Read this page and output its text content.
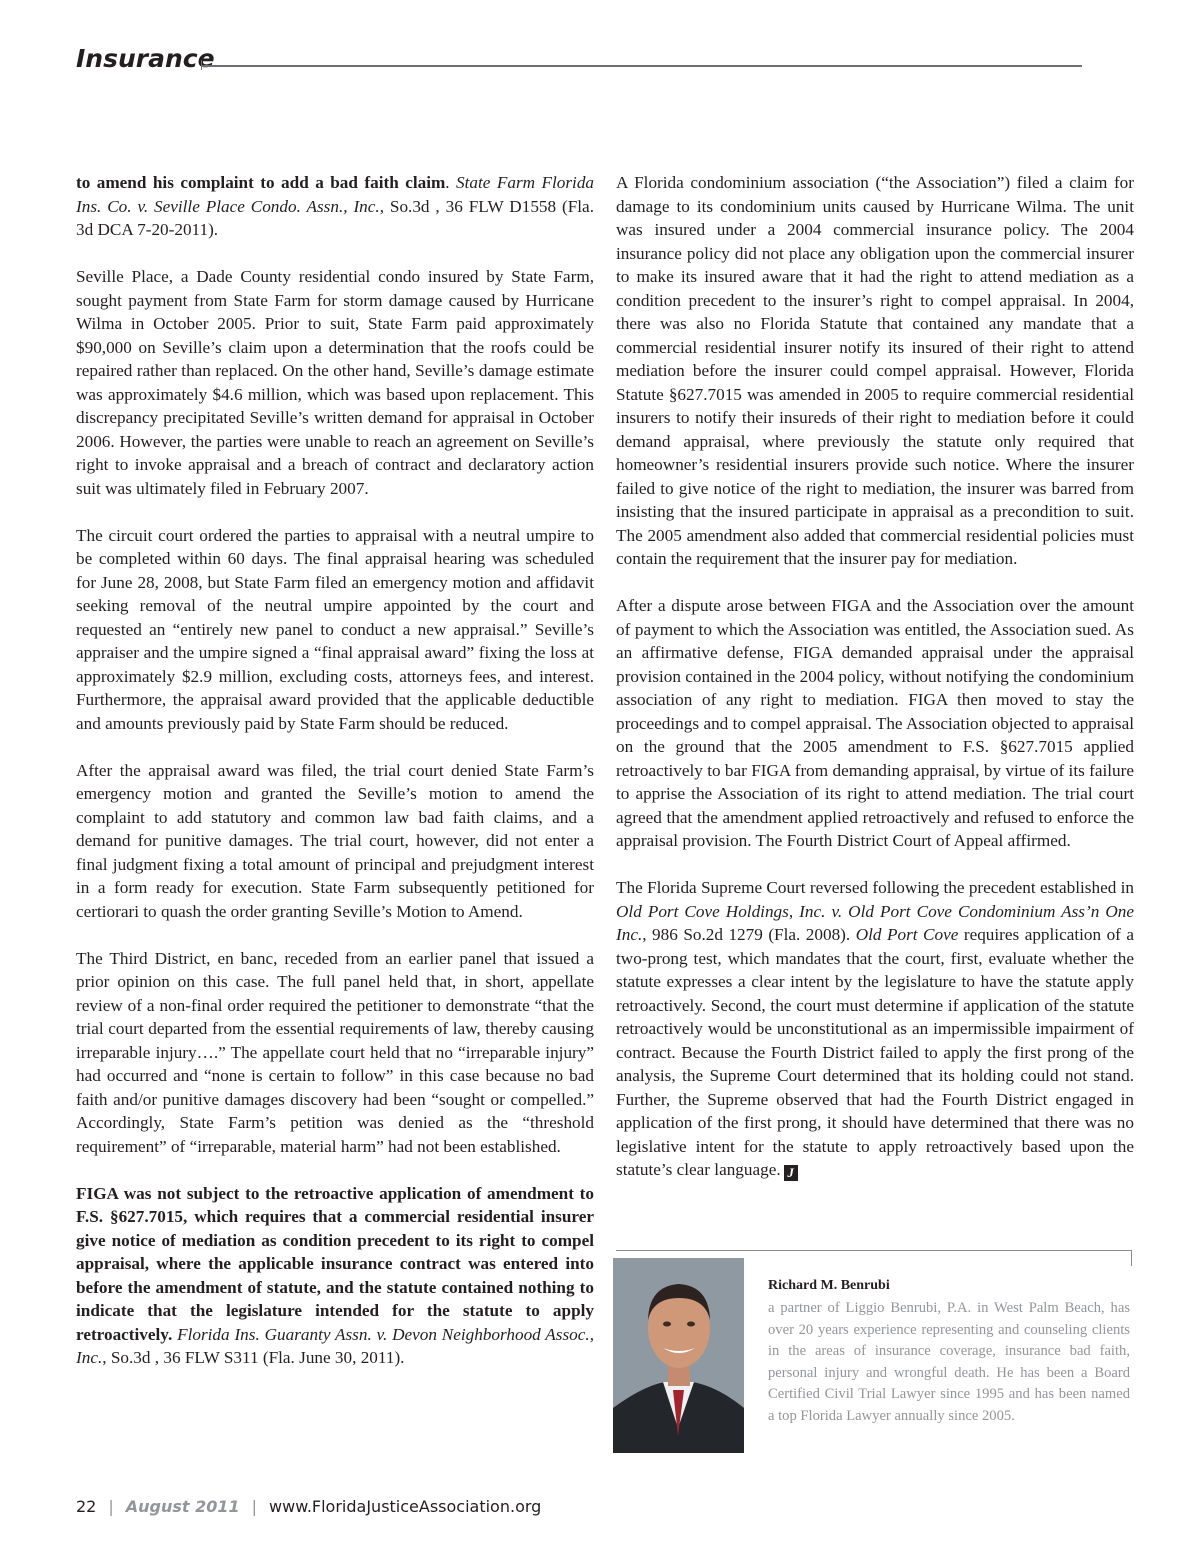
Insurance

to amend his complaint to add a bad faith claim. State Farm Florida Ins. Co. v. Seville Place Condo. Assn., Inc., So.3d , 36 FLW D1558 (Fla. 3d DCA 7-20-2011).

Seville Place, a Dade County residential condo insured by State Farm, sought payment from State Farm for storm damage caused by Hurricane Wilma in October 2005. Prior to suit, State Farm paid approximately $90,000 on Seville’s claim upon a determination that the roofs could be repaired rather than replaced. On the other hand, Seville’s damage estimate was approximately $4.6 million, which was based upon replacement. This discrepancy precipitated Seville’s written demand for appraisal in October 2006. However, the parties were unable to reach an agreement on Seville’s right to invoke appraisal and a breach of contract and declaratory action suit was ultimately filed in February 2007.

The circuit court ordered the parties to appraisal with a neutral umpire to be completed within 60 days. The final appraisal hearing was scheduled for June 28, 2008, but State Farm filed an emergency motion and affidavit seeking removal of the neutral umpire appointed by the court and requested an “entirely new panel to conduct a new appraisal.” Seville’s appraiser and the umpire signed a “final appraisal award” fixing the loss at approximately $2.9 million, excluding costs, attorneys fees, and interest. Furthermore, the appraisal award provided that the applicable deductible and amounts previously paid by State Farm should be reduced.

After the appraisal award was filed, the trial court denied State Farm’s emergency motion and granted the Seville’s motion to amend the complaint to add statutory and common law bad faith claims, and a demand for punitive damages. The trial court, however, did not enter a final judgment fixing a total amount of principal and prejudgment interest in a form ready for execution. State Farm subsequently petitioned for certiorari to quash the order granting Seville’s Motion to Amend.

The Third District, en banc, receded from an earlier panel that issued a prior opinion on this case. The full panel held that, in short, appellate review of a non-final order required the petitioner to demonstrate “that the trial court departed from the essential requirements of law, thereby causing irreparable injury….” The appellate court held that no “irreparable injury” had occurred and “none is certain to follow” in this case because no bad faith and/or punitive damages discovery had been “sought or compelled.” Accordingly, State Farm’s petition was denied as the “threshold requirement” of “irreparable, material harm” had not been established.

FIGA was not subject to the retroactive application of amendment to F.S. §627.7015, which requires that a commercial residential insurer give notice of mediation as condition precedent to its right to compel appraisal, where the applicable insurance contract was entered into before the amendment of statute, and the statute contained nothing to indicate that the legislature intended for the statute to apply retroactively. Florida Ins. Guaranty Assn. v. Devon Neighborhood Assoc., Inc., So.3d , 36 FLW S311 (Fla. June 30, 2011).

A Florida condominium association (“the Association”) filed a claim for damage to its condominium units caused by Hurricane Wilma. The unit was insured under a 2004 commercial insurance policy. The 2004 insurance policy did not place any obligation upon the commercial insurer to make its insured aware that it had the right to attend mediation as a condition precedent to the insurer’s right to compel appraisal. In 2004, there was also no Florida Statute that contained any mandate that a commercial residential insurer notify its insured of their right to attend mediation before the insurer could compel appraisal. However, Florida Statute §627.7015 was amended in 2005 to require commercial residential insurers to notify their insureds of their right to mediation before it could demand appraisal, where previously the statute only required that homeowner’s residential insurers provide such notice. Where the insurer failed to give notice of the right to mediation, the insurer was barred from insisting that the insured participate in appraisal as a precondition to suit. The 2005 amendment also added that commercial residential policies must contain the requirement that the insurer pay for mediation.

After a dispute arose between FIGA and the Association over the amount of payment to which the Association was entitled, the Association sued. As an affirmative defense, FIGA demanded appraisal under the appraisal provision contained in the 2004 policy, without notifying the condominium association of any right to mediation. FIGA then moved to stay the proceedings and to compel appraisal. The Association objected to appraisal on the ground that the 2005 amendment to F.S. §627.7015 applied retroactively to bar FIGA from demanding appraisal, by virtue of its failure to apprise the Association of its right to attend mediation. The trial court agreed that the amendment applied retroactively and refused to enforce the appraisal provision. The Fourth District Court of Appeal affirmed.

The Florida Supreme Court reversed following the precedent established in Old Port Cove Holdings, Inc. v. Old Port Cove Condominium Ass’n One Inc., 986 So.2d 1279 (Fla. 2008). Old Port Cove requires application of a two-prong test, which mandates that the court, first, evaluate whether the statute expresses a clear intent by the legislature to have the statute apply retroactively. Second, the court must determine if application of the statute retroactively would be unconstitutional as an impermissible impairment of contract. Because the Fourth District failed to apply the first prong of the analysis, the Supreme Court determined that its holding could not stand. Further, the Supreme observed that had the Fourth District engaged in application of the first prong, it should have determined that there was no legislative intent for the statute to apply retroactively based upon the statute’s clear language. J

Richard M. Benrubi

a partner of Liggio Benrubi, P.A. in West Palm Beach, has over 20 years experience representing and counseling clients in the areas of insurance coverage, insurance bad faith, personal injury and wrongful death. He has been a Board Certified Civil Trial Lawyer since 1995 and has been named a top Florida Lawyer annually since 2005.

22 | August 2011 | www.FloridaJusticeAssociation.org
